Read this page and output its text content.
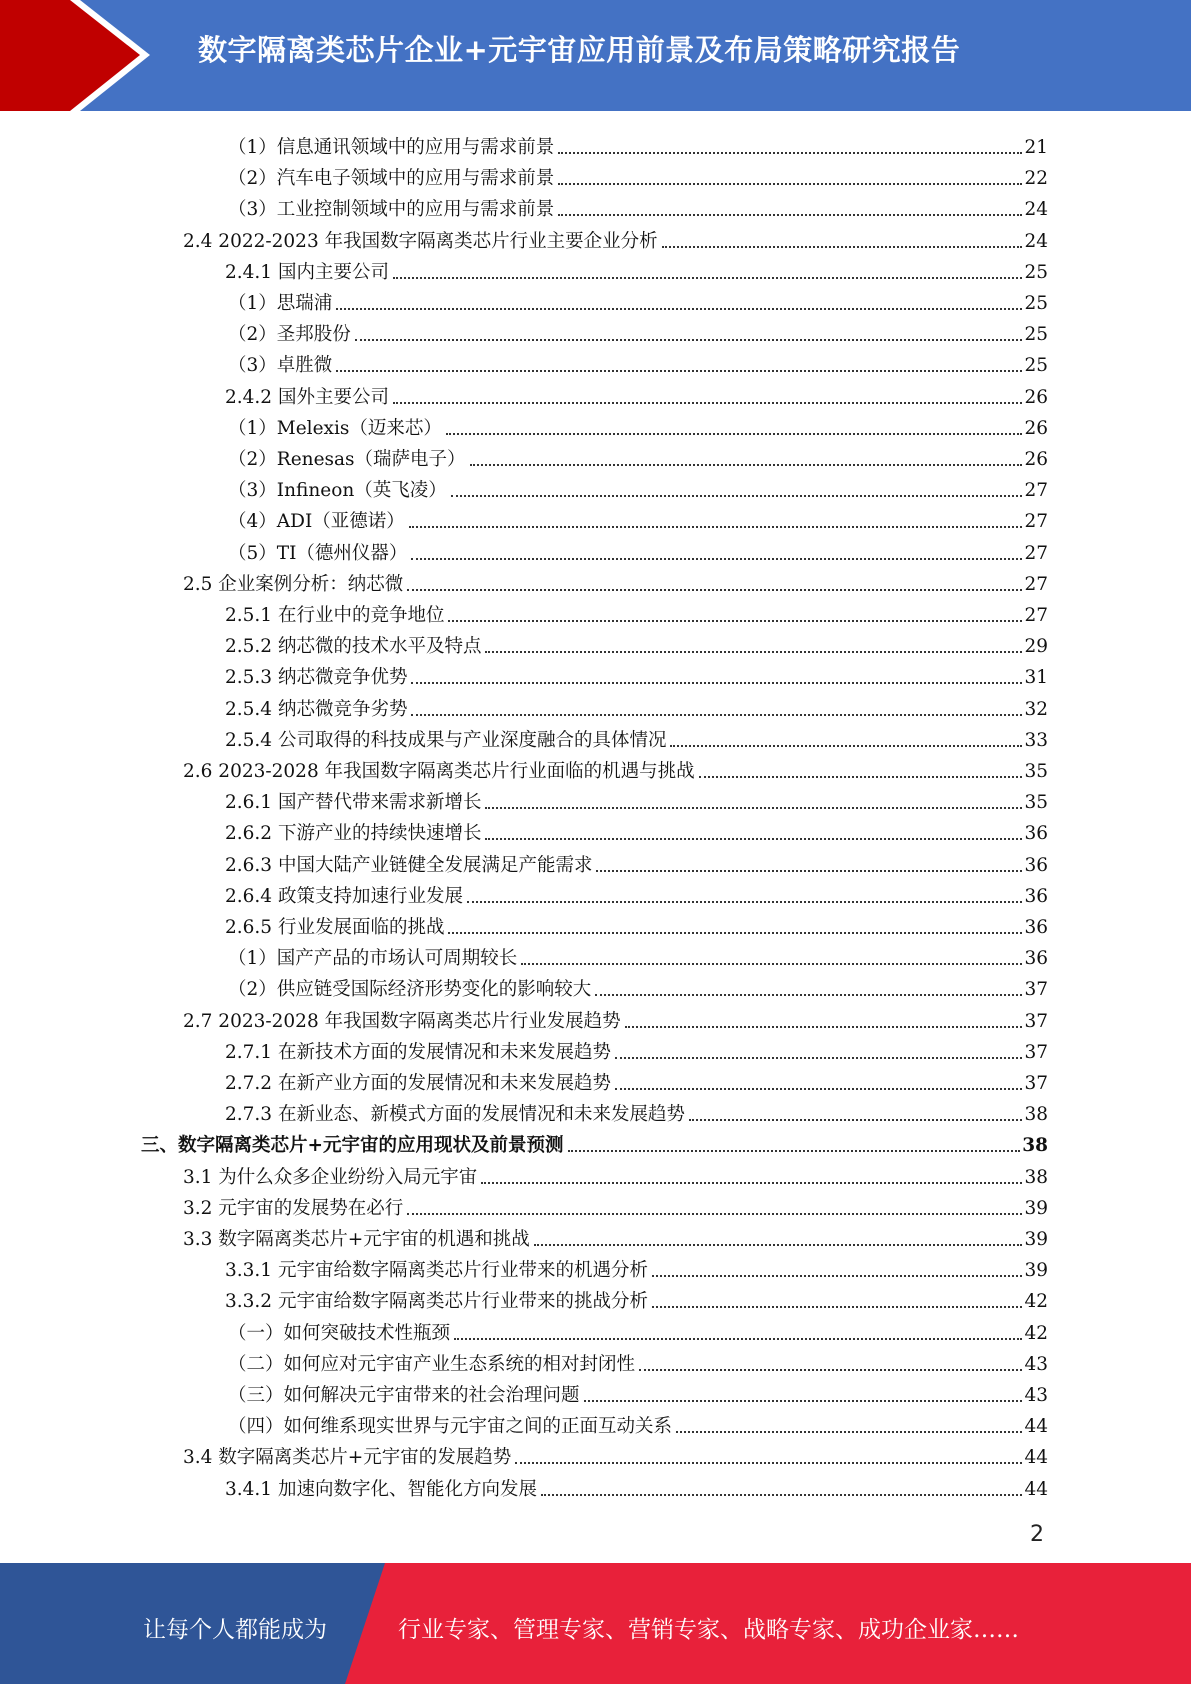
数字隔离类芯片企业+元宇宙应用前景及布局策略研究报告
（1）信息通讯领域中的应用与需求前景	21
（2）汽车电子领域中的应用与需求前景	22
（3）工业控制领域中的应用与需求前景	24
2.4 2022-2023 年我国数字隔离类芯片行业主要企业分析	24
2.4.1 国内主要公司	25
（1）思瑞浦	25
（2）圣邦股份	25
（3）卓胜微	25
2.4.2 国外主要公司	26
（1）Melexis（迈来芯）	26
（2）Renesas（瑞萨电子）	26
（3）Infineon（英飞凌）	27
（4）ADI（亚德诺）	27
（5）TI（德州仪器）	27
2.5 企业案例分析：纳芯微	27
2.5.1 在行业中的竞争地位	27
2.5.2 纳芯微的技术水平及特点	29
2.5.3 纳芯微竞争优势	31
2.5.4 纳芯微竞争劣势	32
2.5.4 公司取得的科技成果与产业深度融合的具体情况	33
2.6 2023-2028 年我国数字隔离类芯片行业面临的机遇与挑战	35
2.6.1 国产替代带来需求新增长	35
2.6.2 下游产业的持续快速增长	36
2.6.3 中国大陆产业链健全发展满足产能需求	36
2.6.4 政策支持加速行业发展	36
2.6.5 行业发展面临的挑战	36
（1）国产产品的市场认可周期较长	36
（2）供应链受国际经济形势变化的影响较大	37
2.7 2023-2028 年我国数字隔离类芯片行业发展趋势	37
2.7.1 在新技术方面的发展情况和未来发展趋势	37
2.7.2 在新产业方面的发展情况和未来发展趋势	37
2.7.3 在新业态、新模式方面的发展情况和未来发展趋势	38
三、数字隔离类芯片+元宇宙的应用现状及前景预测	38
3.1 为什么众多企业纷纷入局元宇宙	38
3.2 元宇宙的发展势在必行	39
3.3 数字隔离类芯片+元宇宙的机遇和挑战	39
3.3.1 元宇宙给数字隔离类芯片行业带来的机遇分析	39
3.3.2 元宇宙给数字隔离类芯片行业带来的挑战分析	42
（一）如何突破技术性瓶颈	42
（二）如何应对元宇宙产业生态系统的相对封闭性	43
（三）如何解决元宇宙带来的社会治理问题	43
（四）如何维系现实世界与元宇宙之间的正面互动关系	44
3.4 数字隔离类芯片+元宇宙的发展趋势	44
3.4.1 加速向数字化、智能化方向发展	44
2
让每个人都能成为	行业专家、管理专家、营销专家、战略专家、成功企业家……
